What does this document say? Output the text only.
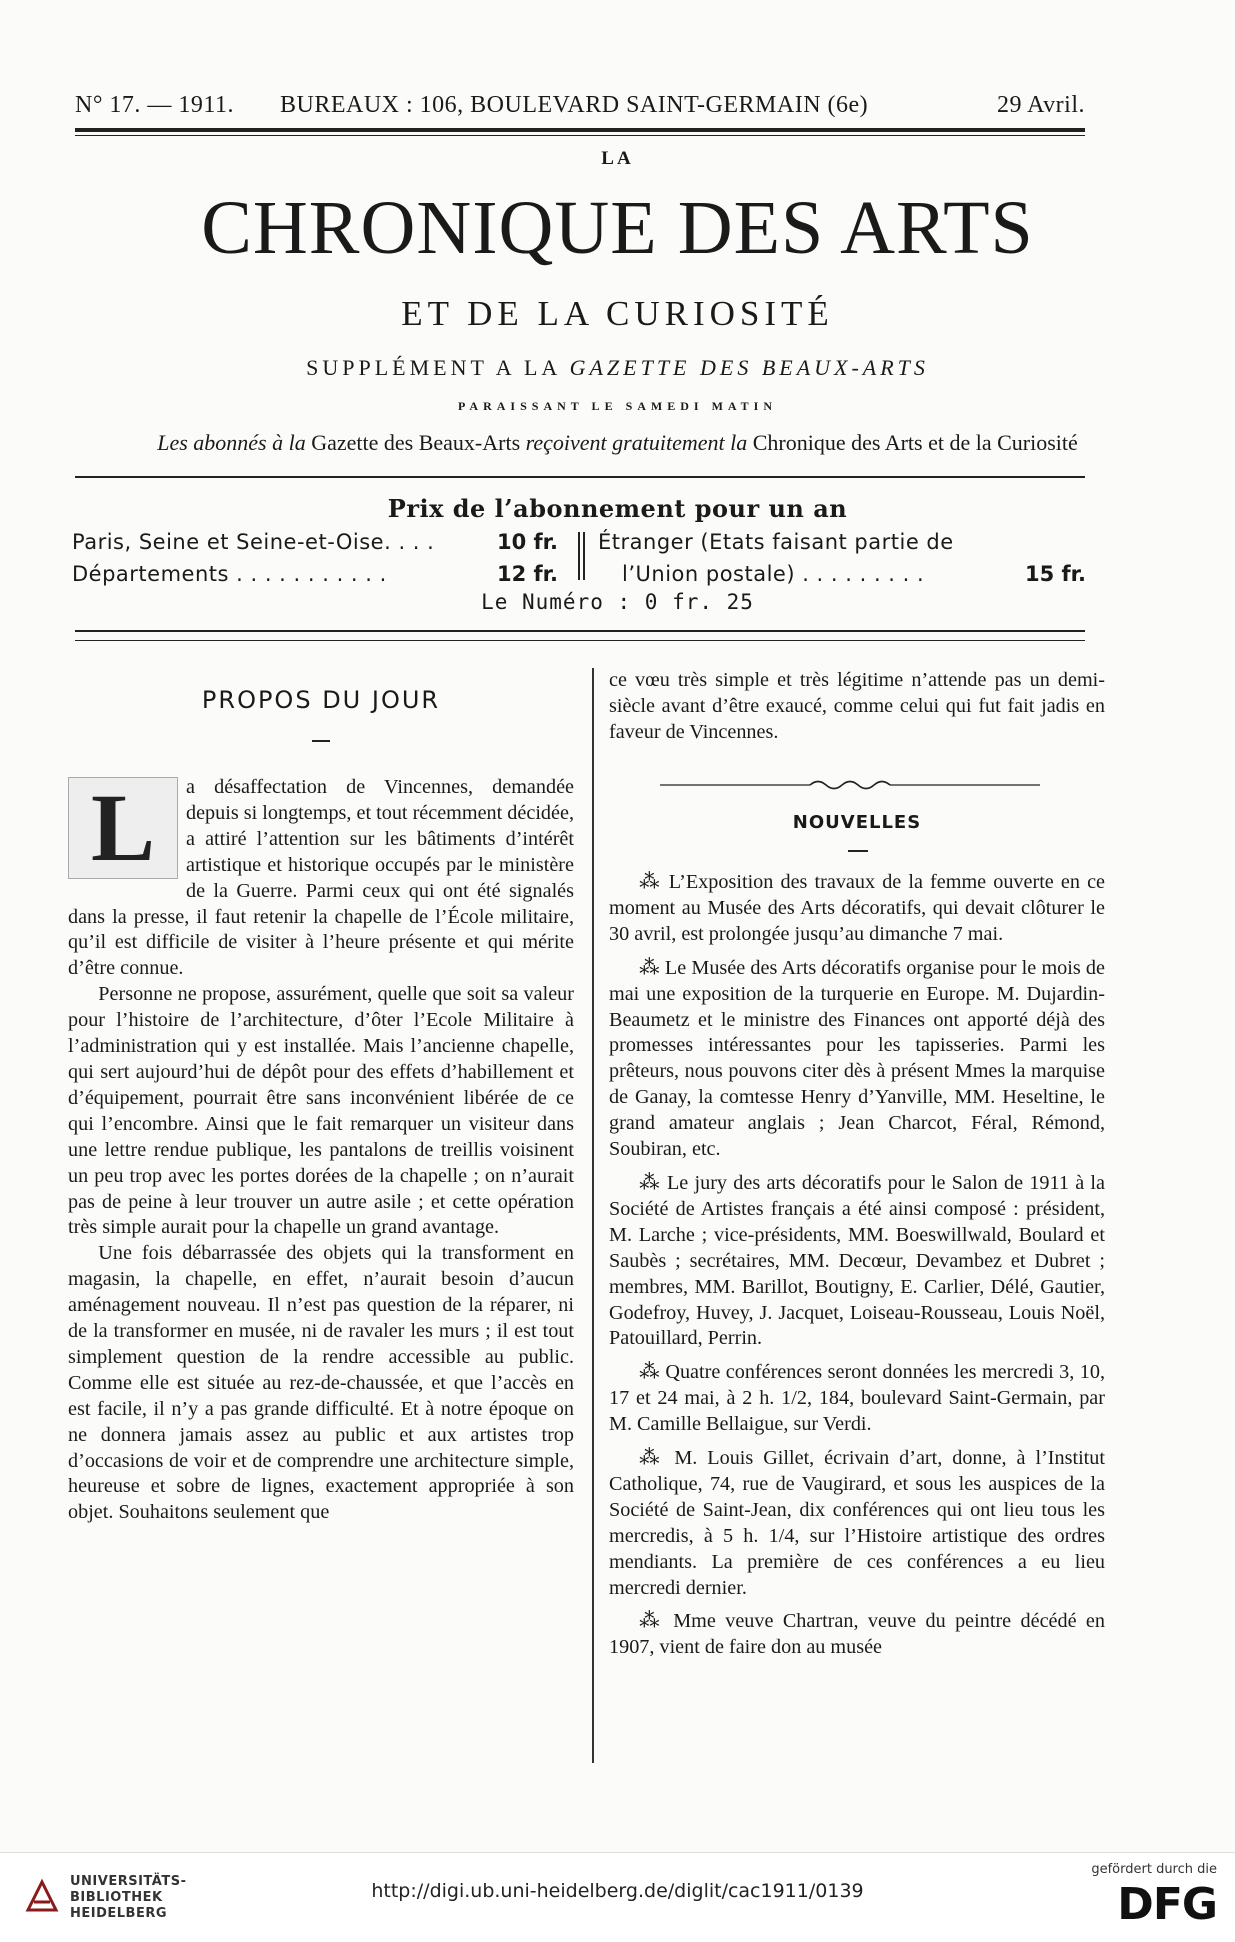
N° 17. — 1911. BUREAUX : 106, BOULEVARD SAINT-GERMAIN (6e)	29 Avril.
LA
CHRONIQUE DES ARTS
ET DE LA CURIOSITÉ
SUPPLÉMENT A LA GAZETTE DES BEAUX-ARTS
PARAISSANT LE SAMEDI MATIN
Les abonnés à la Gazette des Beaux-Arts reçoivent gratuitement la Chronique des Arts et de la Curiosité
Prix de l’abonnement pour un an
Paris, Seine et Seine-et-Oise. . . .	10 fr.
Départements . . . . . . . . . . .	12 fr.
Étranger (Etats faisant partie de
l’Union postale) . . . . . . . . .	15 fr.
Le Numéro : 0 fr. 25
PROPOS DU JOUR
L	a désaffectation de Vincennes, demandée depuis si longtemps, et tout récemment décidée, a attiré l’attention sur les bâtiments d’intérêt artistique et historique occupés par le ministère de la Guerre. Parmi ceux qui ont été signalés dans la presse, il faut retenir la chapelle de l’École militaire, qu’il est difficile de visiter à l’heure présente et qui mérite d’être connue.

Personne ne propose, assurément, quelle que soit sa valeur pour l’histoire de l’architecture, d’ôter l’Ecole Militaire à l’administration qui y est installée. Mais l’ancienne chapelle, qui sert aujourd’hui de dépôt pour des effets d’habillement et d’équipement, pourrait être sans inconvénient libérée de ce qui l’encombre. Ainsi que le fait remarquer un visiteur dans une lettre rendue publique, les pantalons de treillis voisinent un peu trop avec les portes dorées de la chapelle ; on n’aurait pas de peine à leur trouver un autre asile ; et cette opération très simple aurait pour la chapelle un grand avantage.

Une fois débarrassée des objets qui la transforment en magasin, la chapelle, en effet, n’aurait besoin d’aucun aménagement nouveau. Il n’est pas question de la réparer, ni de la transformer en musée, ni de ravaler les murs ; il est tout simplement question de la rendre accessible au public. Comme elle est située au rez-de-chaussée, et que l’accès en est facile, il n’y a pas grande difficulté. Et à notre époque on ne donnera jamais assez au public et aux artistes trop d’occasions de voir et de comprendre une architecture simple, heureuse et sobre de lignes, exactement appropriée à son objet. Souhaitons seulement que

ce vœu très simple et très légitime n’attende pas un demi-siècle avant d’être exaucé, comme celui qui fut fait jadis en faveur de Vincennes.

NOUVELLES

⁂ L’Exposition des travaux de la femme ouverte en ce moment au Musée des Arts décoratifs, qui devait clôturer le 30 avril, est prolongée jusqu’au dimanche 7 mai.

⁂ Le Musée des Arts décoratifs organise pour le mois de mai une exposition de la turquerie en Europe. M. Dujardin-Beaumetz et le ministre des Finances ont apporté déjà des promesses intéressantes pour les tapisseries. Parmi les prêteurs, nous pouvons citer dès à présent Mmes la marquise de Ganay, la comtesse Henry d’Yanville, MM. Heseltine, le grand amateur anglais ; Jean Charcot, Féral, Rémond, Soubiran, etc.

⁂ Le jury des arts décoratifs pour le Salon de 1911 à la Société de Artistes français a été ainsi composé : président, M. Larche ; vice-présidents, MM. Boeswillwald, Boulard et Saubès ; secrétaires, MM. Decœur, Devambez et Dubret ; membres, MM. Barillot, Boutigny, E. Carlier, Délé, Gautier, Godefroy, Huvey, J. Jacquet, Loiseau-Rousseau, Louis Noël, Patouillard, Perrin.

⁂ Quatre conférences seront données les mercredi 3, 10, 17 et 24 mai, à 2 h. 1/2, 184, boulevard Saint-Germain, par M. Camille Bellaigue, sur Verdi.

⁂ M. Louis Gillet, écrivain d’art, donne, à l’Institut Catholique, 74, rue de Vaugirard, et sous les auspices de la Société de Saint-Jean, dix conférences qui ont lieu tous les mercredis, à 5 h. 1/4, sur l’Histoire artistique des ordres mendiants. La première de ces conférences a eu lieu mercredi dernier.

⁂ Mme veuve Chartran, veuve du peintre décédé en 1907, vient de faire don au musée

UNIVERSITÄTS-
BIBLIOTHEK
HEIDELBERG
http://digi.ub.uni-heidelberg.de/diglit/cac1911/0139
gefördert durch die
DFG
